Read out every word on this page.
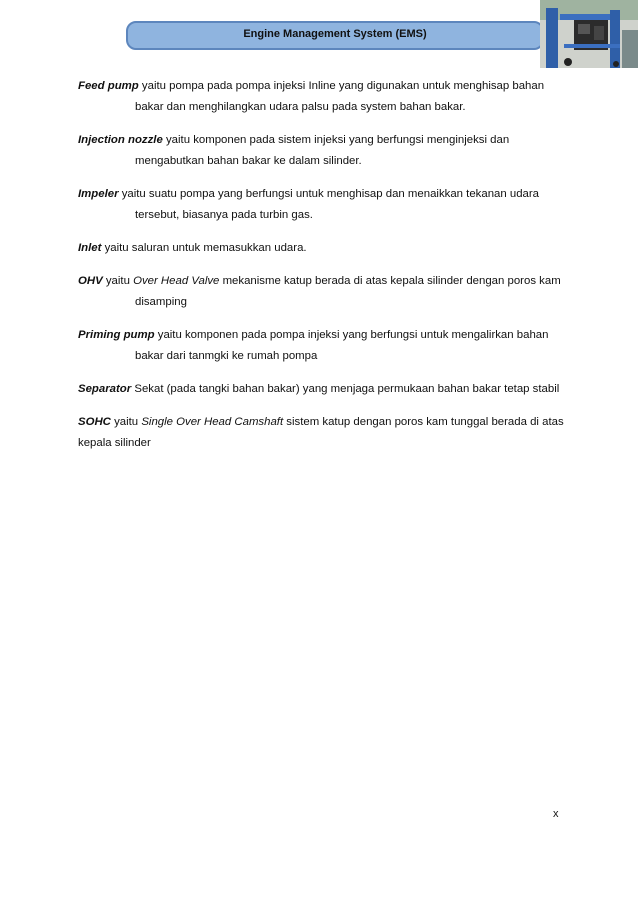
Engine Management System (EMS)

Feed pump yaitu pompa pada pompa injeksi Inline yang digunakan untuk menghisap bahan bakar dan menghilangkan udara palsu pada system bahan bakar.

Injection nozzle yaitu komponen pada sistem injeksi yang berfungsi menginjeksi dan mengabutkan bahan bakar ke dalam silinder.

Impeler yaitu suatu pompa yang berfungsi untuk menghisap dan menaikkan tekanan udara tersebut, biasanya pada turbin gas.

Inlet yaitu saluran untuk memasukkan udara.

OHV yaitu Over Head Valve mekanisme katup berada di atas kepala silinder dengan poros kam disamping

Priming pump yaitu komponen pada pompa injeksi yang berfungsi untuk mengalirkan bahan bakar dari tanmgki ke rumah pompa

Separator Sekat (pada tangki bahan bakar) yang menjaga permukaan bahan bakar tetap stabil

SOHC yaitu Single Over Head Camshaft sistem katup dengan poros kam tunggal berada di atas kepala silinder

x
